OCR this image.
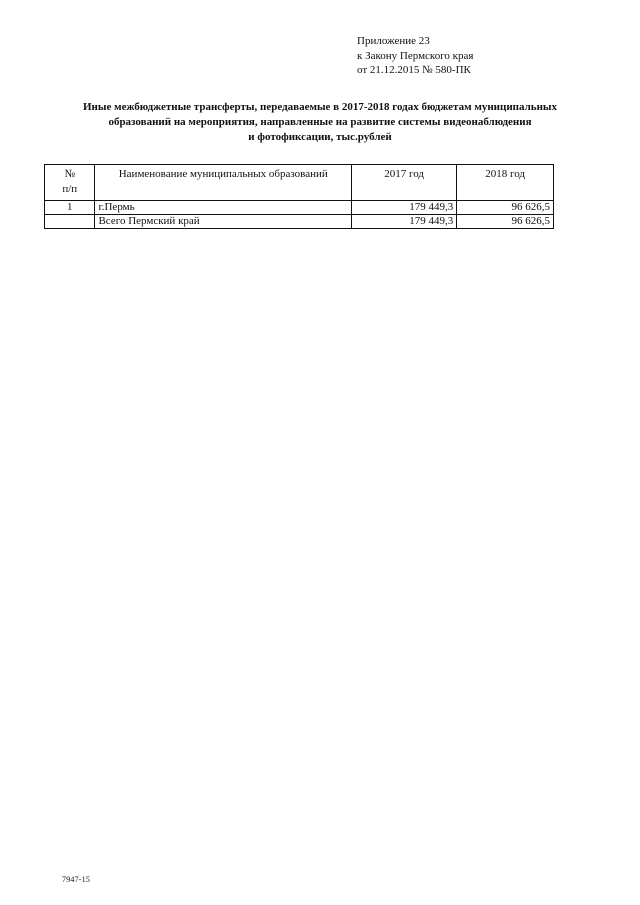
Приложение 23
к Закону Пермского края
от 21.12.2015 № 580-ПК
Иные межбюджетные трансферты, передаваемые в 2017-2018 годах бюджетам муниципальных
образований на мероприятия, направленные на развитие системы видеонаблюдения
и фотофиксации, тыс.рублей
№
п/п	Наименование муниципальных образований	2017 год	2018 год
1	г.Пермь	179 449,3	96 626,5
	Всего Пермский край	179 449,3	96 626,5
7947-15
